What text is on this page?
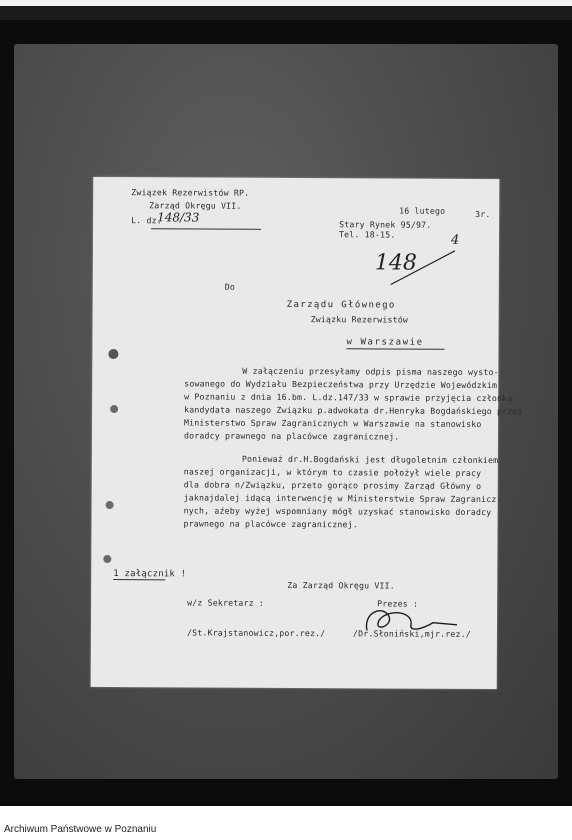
Związek Rezerwistów RP.
Zarząd Okręgu VII.
L. dz.
148/33	16 lutego	3r.
Stary Rynek 95/97.
Tel. 18-15.
148
4
Do
Zarządu Głównego
Związku Rezerwistów
w Warszawie
W załączeniu przesyłamy odpis pisma naszego wysto-
sowanego do Wydziału Bezpieczeństwa przy Urzędzie Wojewódzkim
w Poznaniu z dnia 16.bm. L.dz.147/33 w sprawie przyjęcia członka
kandydata naszego Związku p.adwokata dr.Henryka Bogdańskiego przez
Ministerstwo Spraw Zagranicznych w Warszawie na stanowisko
doradcy prawnego na placówce zagranicznej.
Ponieważ dr.H.Bogdański jest długoletnim członkiem
naszej organizacji, w którym to czasie położył wiele pracy
dla dobra n/Związku, przeto gorąco prosimy Zarząd Główny o
jaknajdalej idącą interwencję w Ministerstwie Spraw Zagranicz-
nych, aźeby wyżej wspomniany mógł uzyskać stanowisko doradcy
prawnego na placówce zagranicznej.
1 załącznik !
Za Zarząd Okręgu VII.
w/z Sekretarz :	Prezes :
/St.Krajstanowicz,por.rez./	/Dr.Słoniński,mjr.rez./
Archiwum Państwowe w Poznaniu
